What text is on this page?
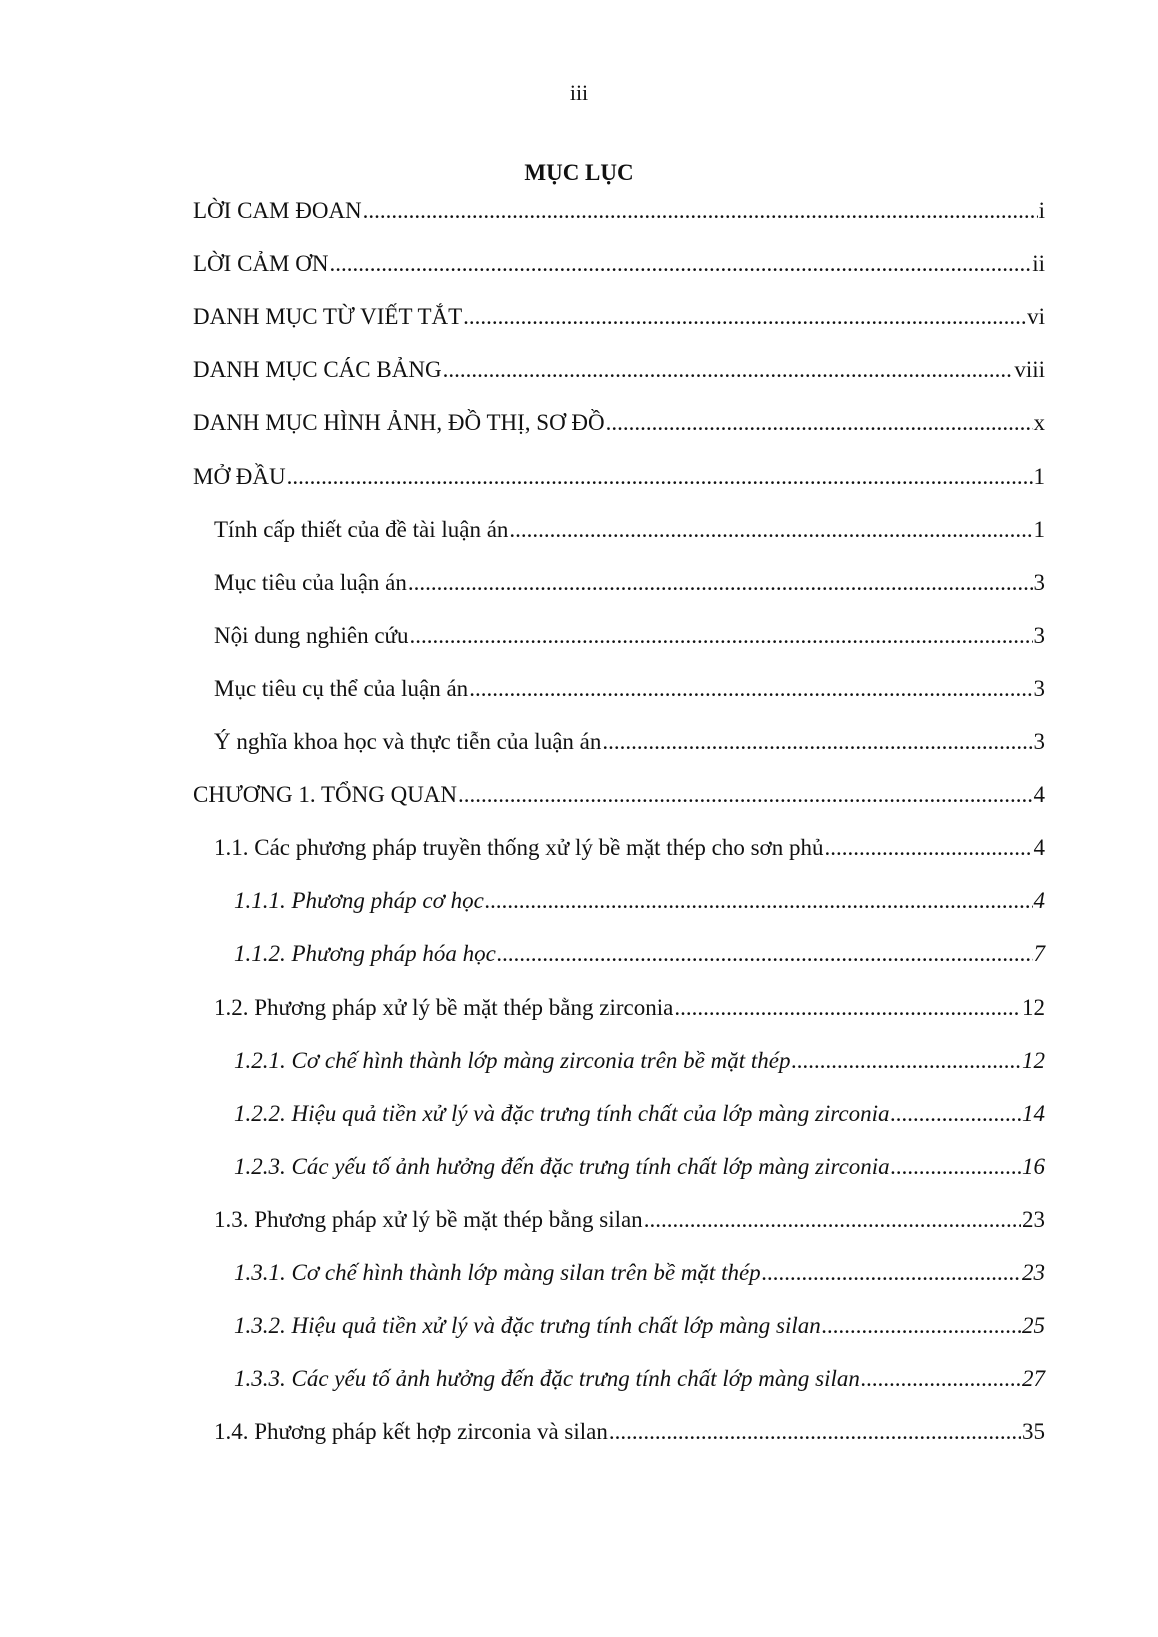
iii
MỤC LỤC
LỜI CAM ĐOAN .....	i
LỜI CẢM ƠN .....	ii
DANH MỤC TỪ VIẾT TẮT .....	vi
DANH MỤC CÁC BẢNG .....	viii
DANH MỤC HÌNH ẢNH, ĐỒ THỊ, SƠ ĐỒ .....	x
MỞ ĐẦU .....	1
Tính cấp thiết của đề tài luận án .....	1
Mục tiêu của luận án .....	3
Nội dung nghiên cứu .....	3
Mục tiêu cụ thể của luận án .....	3
Ý nghĩa khoa học và thực tiễn của luận án .....	3
CHƯƠNG 1. TỔNG QUAN .....	4
1.1. Các phương pháp truyền thống xử lý bề mặt thép cho sơn phủ .....	4
1.1.1. Phương pháp cơ học .....	4
1.1.2. Phương pháp hóa học .....	7
1.2. Phương pháp xử lý bề mặt thép bằng zirconia .....	12
1.2.1. Cơ chế hình thành lớp màng zirconia trên bề mặt thép .....	12
1.2.2. Hiệu quả tiền xử lý và đặc trưng tính chất của lớp màng zirconia .....	14
1.2.3. Các yếu tố ảnh hưởng đến đặc trưng tính chất lớp màng zirconia .....	16
1.3. Phương pháp xử lý bề mặt thép bằng silan .....	23
1.3.1. Cơ chế hình thành lớp màng silan trên bề mặt thép .....	23
1.3.2. Hiệu quả tiền xử lý và đặc trưng tính chất lớp màng silan .....	25
1.3.3. Các yếu tố ảnh hưởng đến đặc trưng tính chất lớp màng silan .....	27
1.4. Phương pháp kết hợp zirconia và silan .....	35
